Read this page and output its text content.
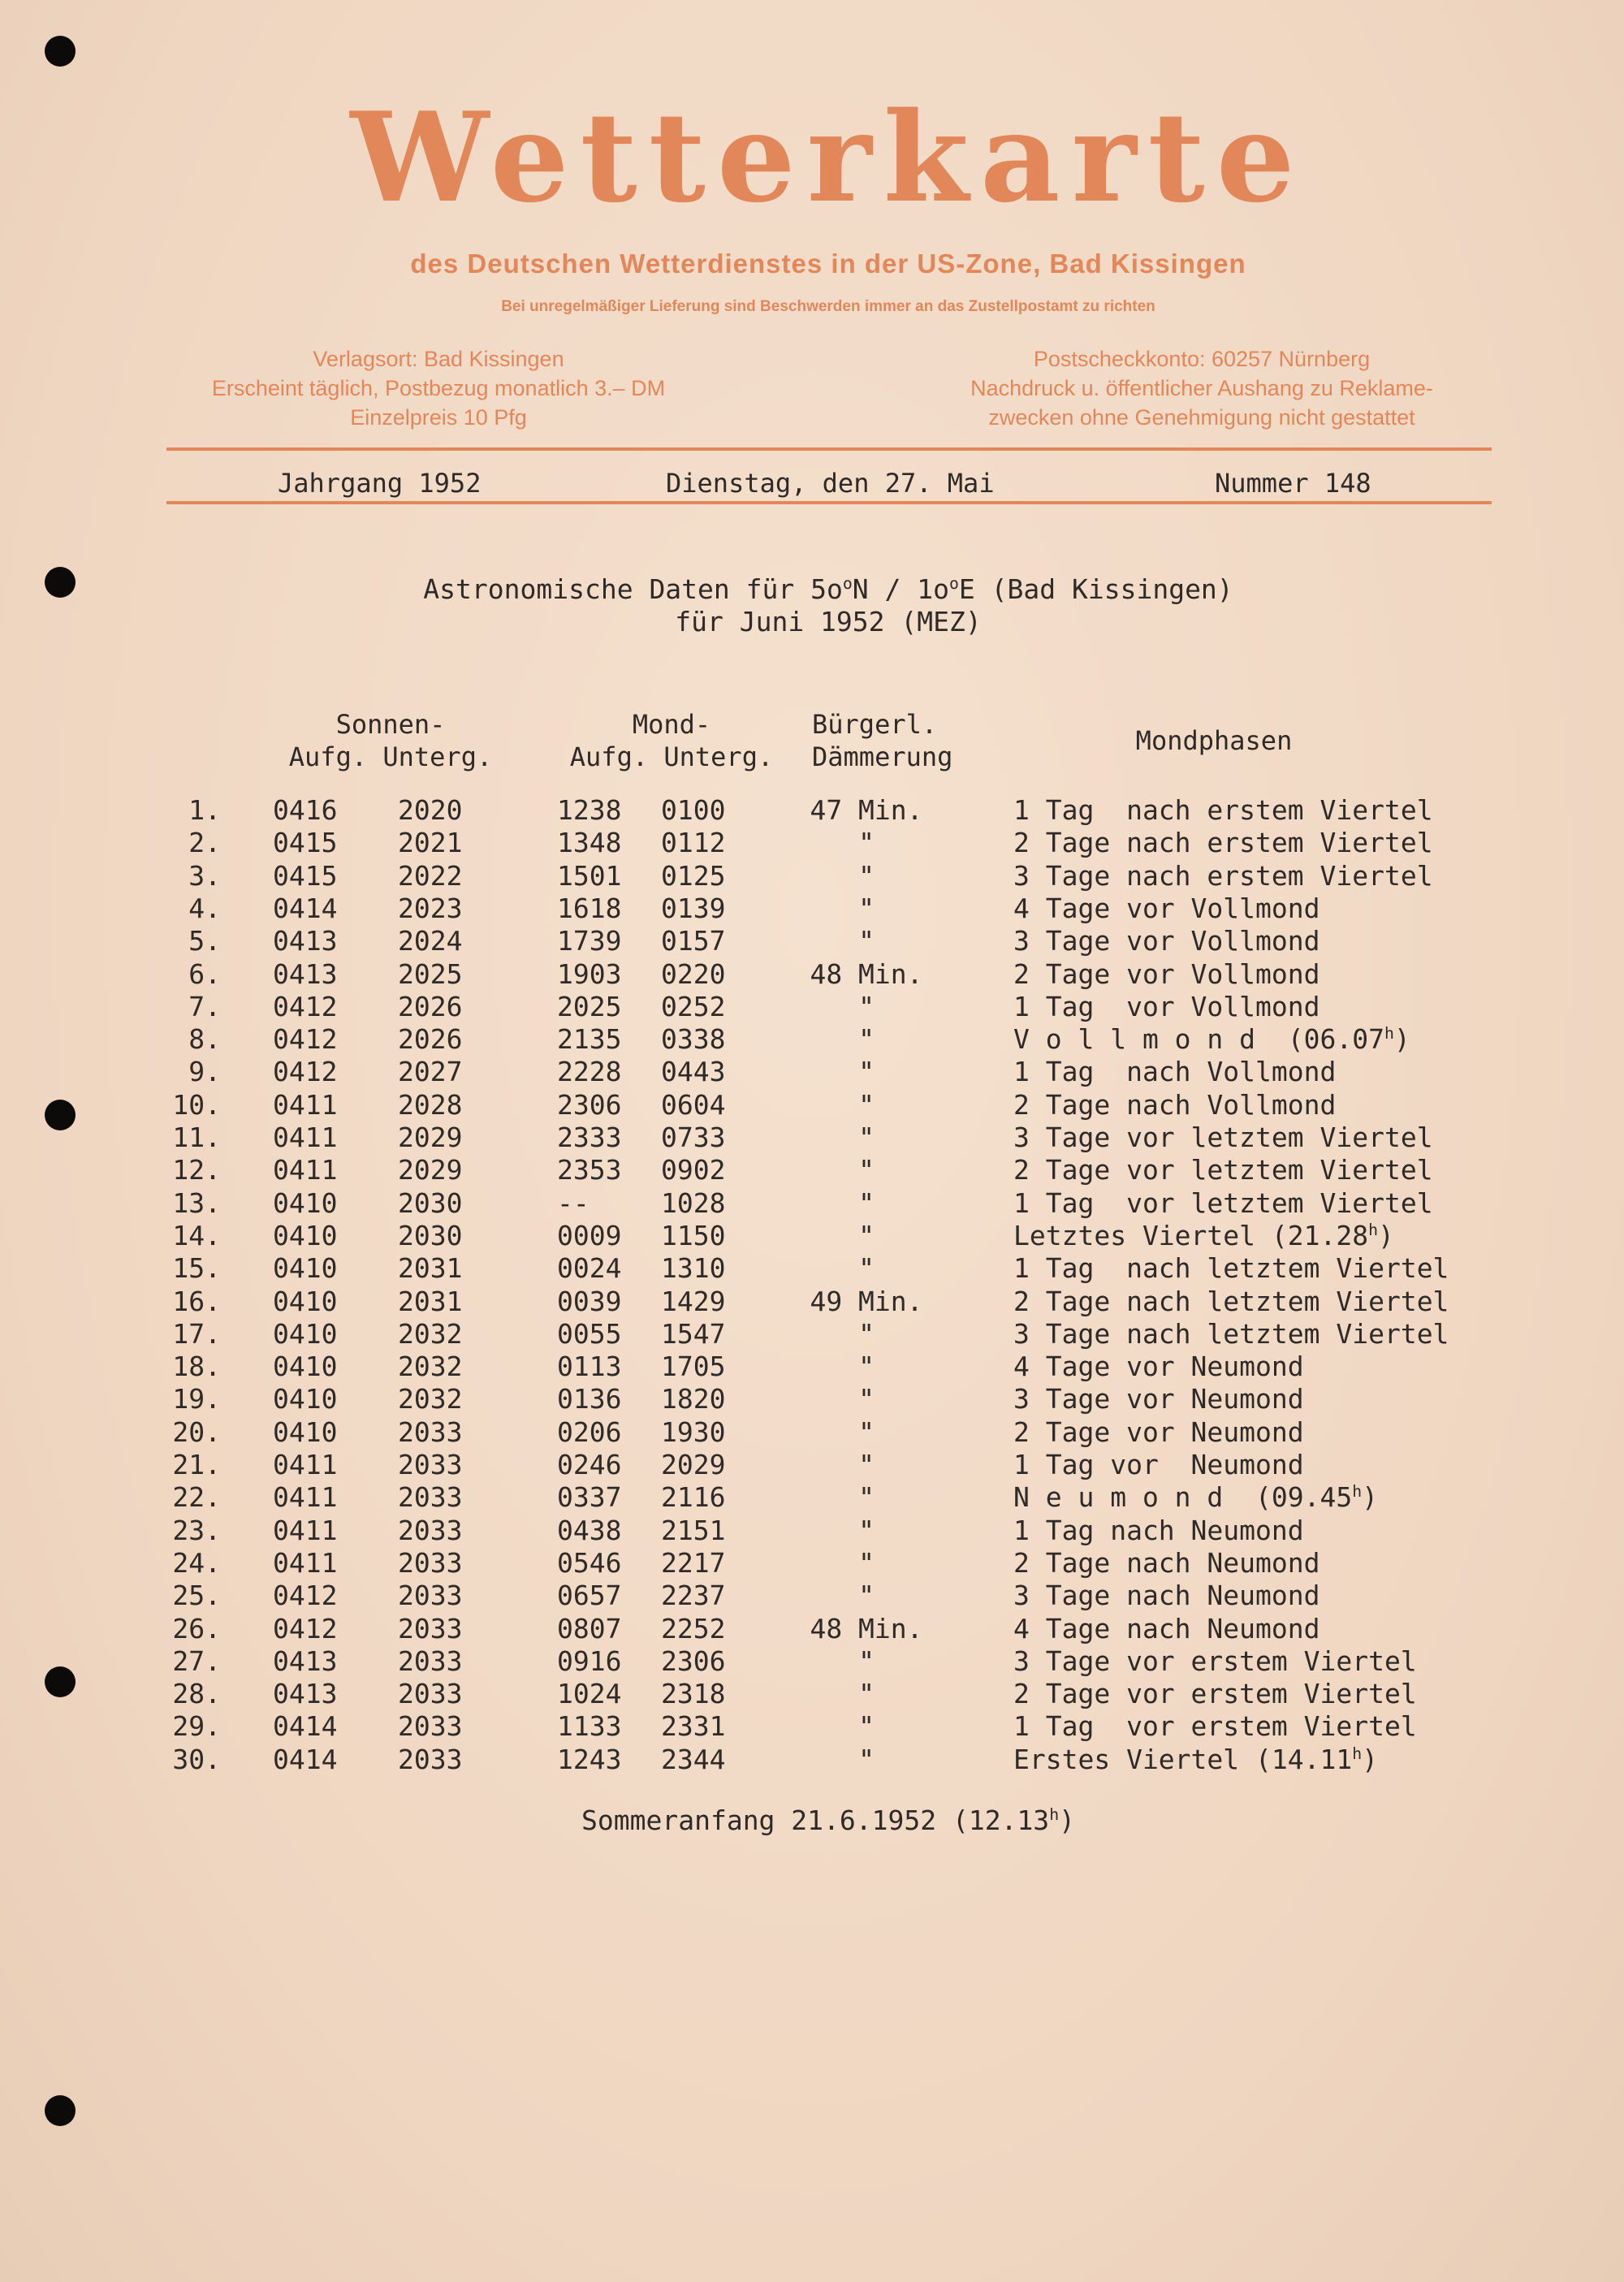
Wetterkarte
des Deutschen Wetterdienstes in der US-Zone, Bad Kissingen
Bei unregelmäßiger Lieferung sind Beschwerden immer an das Zustellpostamt zu richten
Verlagsort: Bad Kissingen
Erscheint täglich, Postbezug monatlich 3.– DM
Einzelpreis 10 Pfg
Postscheckkonto: 60257 Nürnberg
Nachdruck u. öffentlicher Aushang zu Reklame-
zwecken ohne Genehmigung nicht gestattet
Jahrgang 1952	Dienstag, den 27. Mai	Nummer 148
Astronomische Daten für $5o^oN / 1o^oE$ (Bad Kissingen)
für Juni 1952 (MEZ)
Sonnen-
Aufg. Unterg.
Mond-
Aufg. Unterg.
Bürgerl.
Dämmerung
Mondphasen
1. 0416 2020	1238 0100	47 Min.	1 Tag  nach erstem Viertel
2. 0415 2021	1348 0112	"	2 Tage nach erstem Viertel
3. 0415 2022	1501 0125	"	3 Tage nach erstem Viertel
4. 0414 2023	1618 0139	"	4 Tage vor Vollmond
5. 0413 2024	1739 0157	"	3 Tage vor Vollmond
6. 0413 2025	1903 0220	48 Min.	2 Tage vor Vollmond
7. 0412 2026	2025 0252	"	1 Tag  vor Vollmond
8. 0412 2026	2135 0338	"	V o l l m o n d  (06.07$^h$)
9. 0412 2027	2228 0443	"	1 Tag  nach Vollmond
10. 0411 2028	2306 0604	"	2 Tage nach Vollmond
11. 0411 2029	2333 0733	"	3 Tage vor letztem Viertel
12. 0411 2029	2353 0902	"	2 Tage vor letztem Viertel
13. 0410 2030	--	1028	"	1 Tag  vor letztem Viertel
14. 0410 2030	0009 1150	"	Letztes Viertel (21.28$^h$)
15. 0410 2031	0024 1310	"	1 Tag  nach letztem Viertel
16. 0410 2031	0039 1429	49 Min.	2 Tage nach letztem Viertel
17. 0410 2032	0055 1547	"	3 Tage nach letztem Viertel
18. 0410 2032	0113 1705	"	4 Tage vor Neumond
19. 0410 2032	0136 1820	"	3 Tage vor Neumond
20. 0410 2033	0206 1930	"	2 Tage vor Neumond
21. 0411 2033	0246 2029	"	1 Tag vor  Neumond
22. 0411 2033	0337 2116	"	N e u m o n d  (09.45$^h$)
23. 0411 2033	0438 2151	"	1 Tag nach Neumond
24. 0411 2033	0546 2217	"	2 Tage nach Neumond
25. 0412 2033	0657 2237	"	3 Tage nach Neumond
26. 0412 2033	0807 2252	48 Min.	4 Tage nach Neumond
27. 0413 2033	0916 2306	"	3 Tage vor erstem Viertel
28. 0413 2033	1024 2318	"	2 Tage vor erstem Viertel
29. 0414 2033	1133 2331	"	1 Tag  vor erstem Viertel
30. 0414 2033	1243 2344	"	Erstes Viertel (14.11$^h$)
Sommeranfang 21.6.1952 (12.13$^h$)
